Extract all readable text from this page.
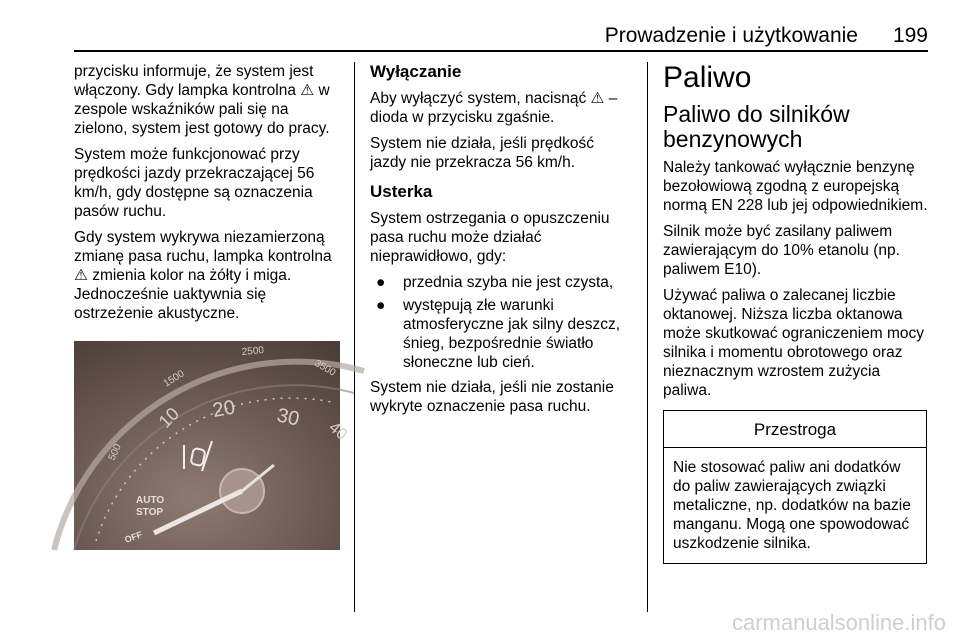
Prowadzenie i użytkowanie 199

przycisku informuje, że system jest włączony. Gdy lampka kontrolna ⚠ w zespole wskaźników pali się na zielono, system jest gotowy do pracy.

System może funkcjonować przy prędkości jazdy przekraczającej 56 km/h, gdy dostępne są oznaczenia pasów ruchu.

Gdy system wykrywa niezamierzoną zmianę pasa ruchu, lampka kontrolna ⚠ zmienia kolor na żółty i miga. Jednocześnie uaktywnia się ostrzeżenie akustyczne.

500
10
1500
20
2500
30
3500
40
AUTO
STOP
OFF
Wyłączanie

Aby wyłączyć system, nacisnąć ⚠ – dioda w przycisku zgaśnie.

System nie działa, jeśli prędkość jazdy nie przekracza 56 km/h.

Usterka

System ostrzegania o opuszczeniu pasa ruchu może działać nieprawidłowo, gdy:

● przednia szyba nie jest czysta,
● występują złe warunki atmosferyczne jak silny deszcz, śnieg, bezpośrednie światło słoneczne lub cień.

System nie działa, jeśli nie zostanie wykryte oznaczenie pasa ruchu.

Paliwo
Paliwo do silników benzynowych

Należy tankować wyłącznie benzynę bezołowiową zgodną z europejską normą EN 228 lub jej odpowiednikiem.

Silnik może być zasilany paliwem zawierającym do 10% etanolu (np. paliwem E10).

Używać paliwa o zalecanej liczbie oktanowej. Niższa liczba oktanowa może skutkować ograniczeniem mocy silnika i momentu obrotowego oraz nieznacznym wzrostem zużycia paliwa.

Przestroga
Nie stosować paliw ani dodatków do paliw zawierających związki metaliczne, np. dodatków na bazie manganu. Mogą one spowodować uszkodzenie silnika.
carmanualsonline.info
